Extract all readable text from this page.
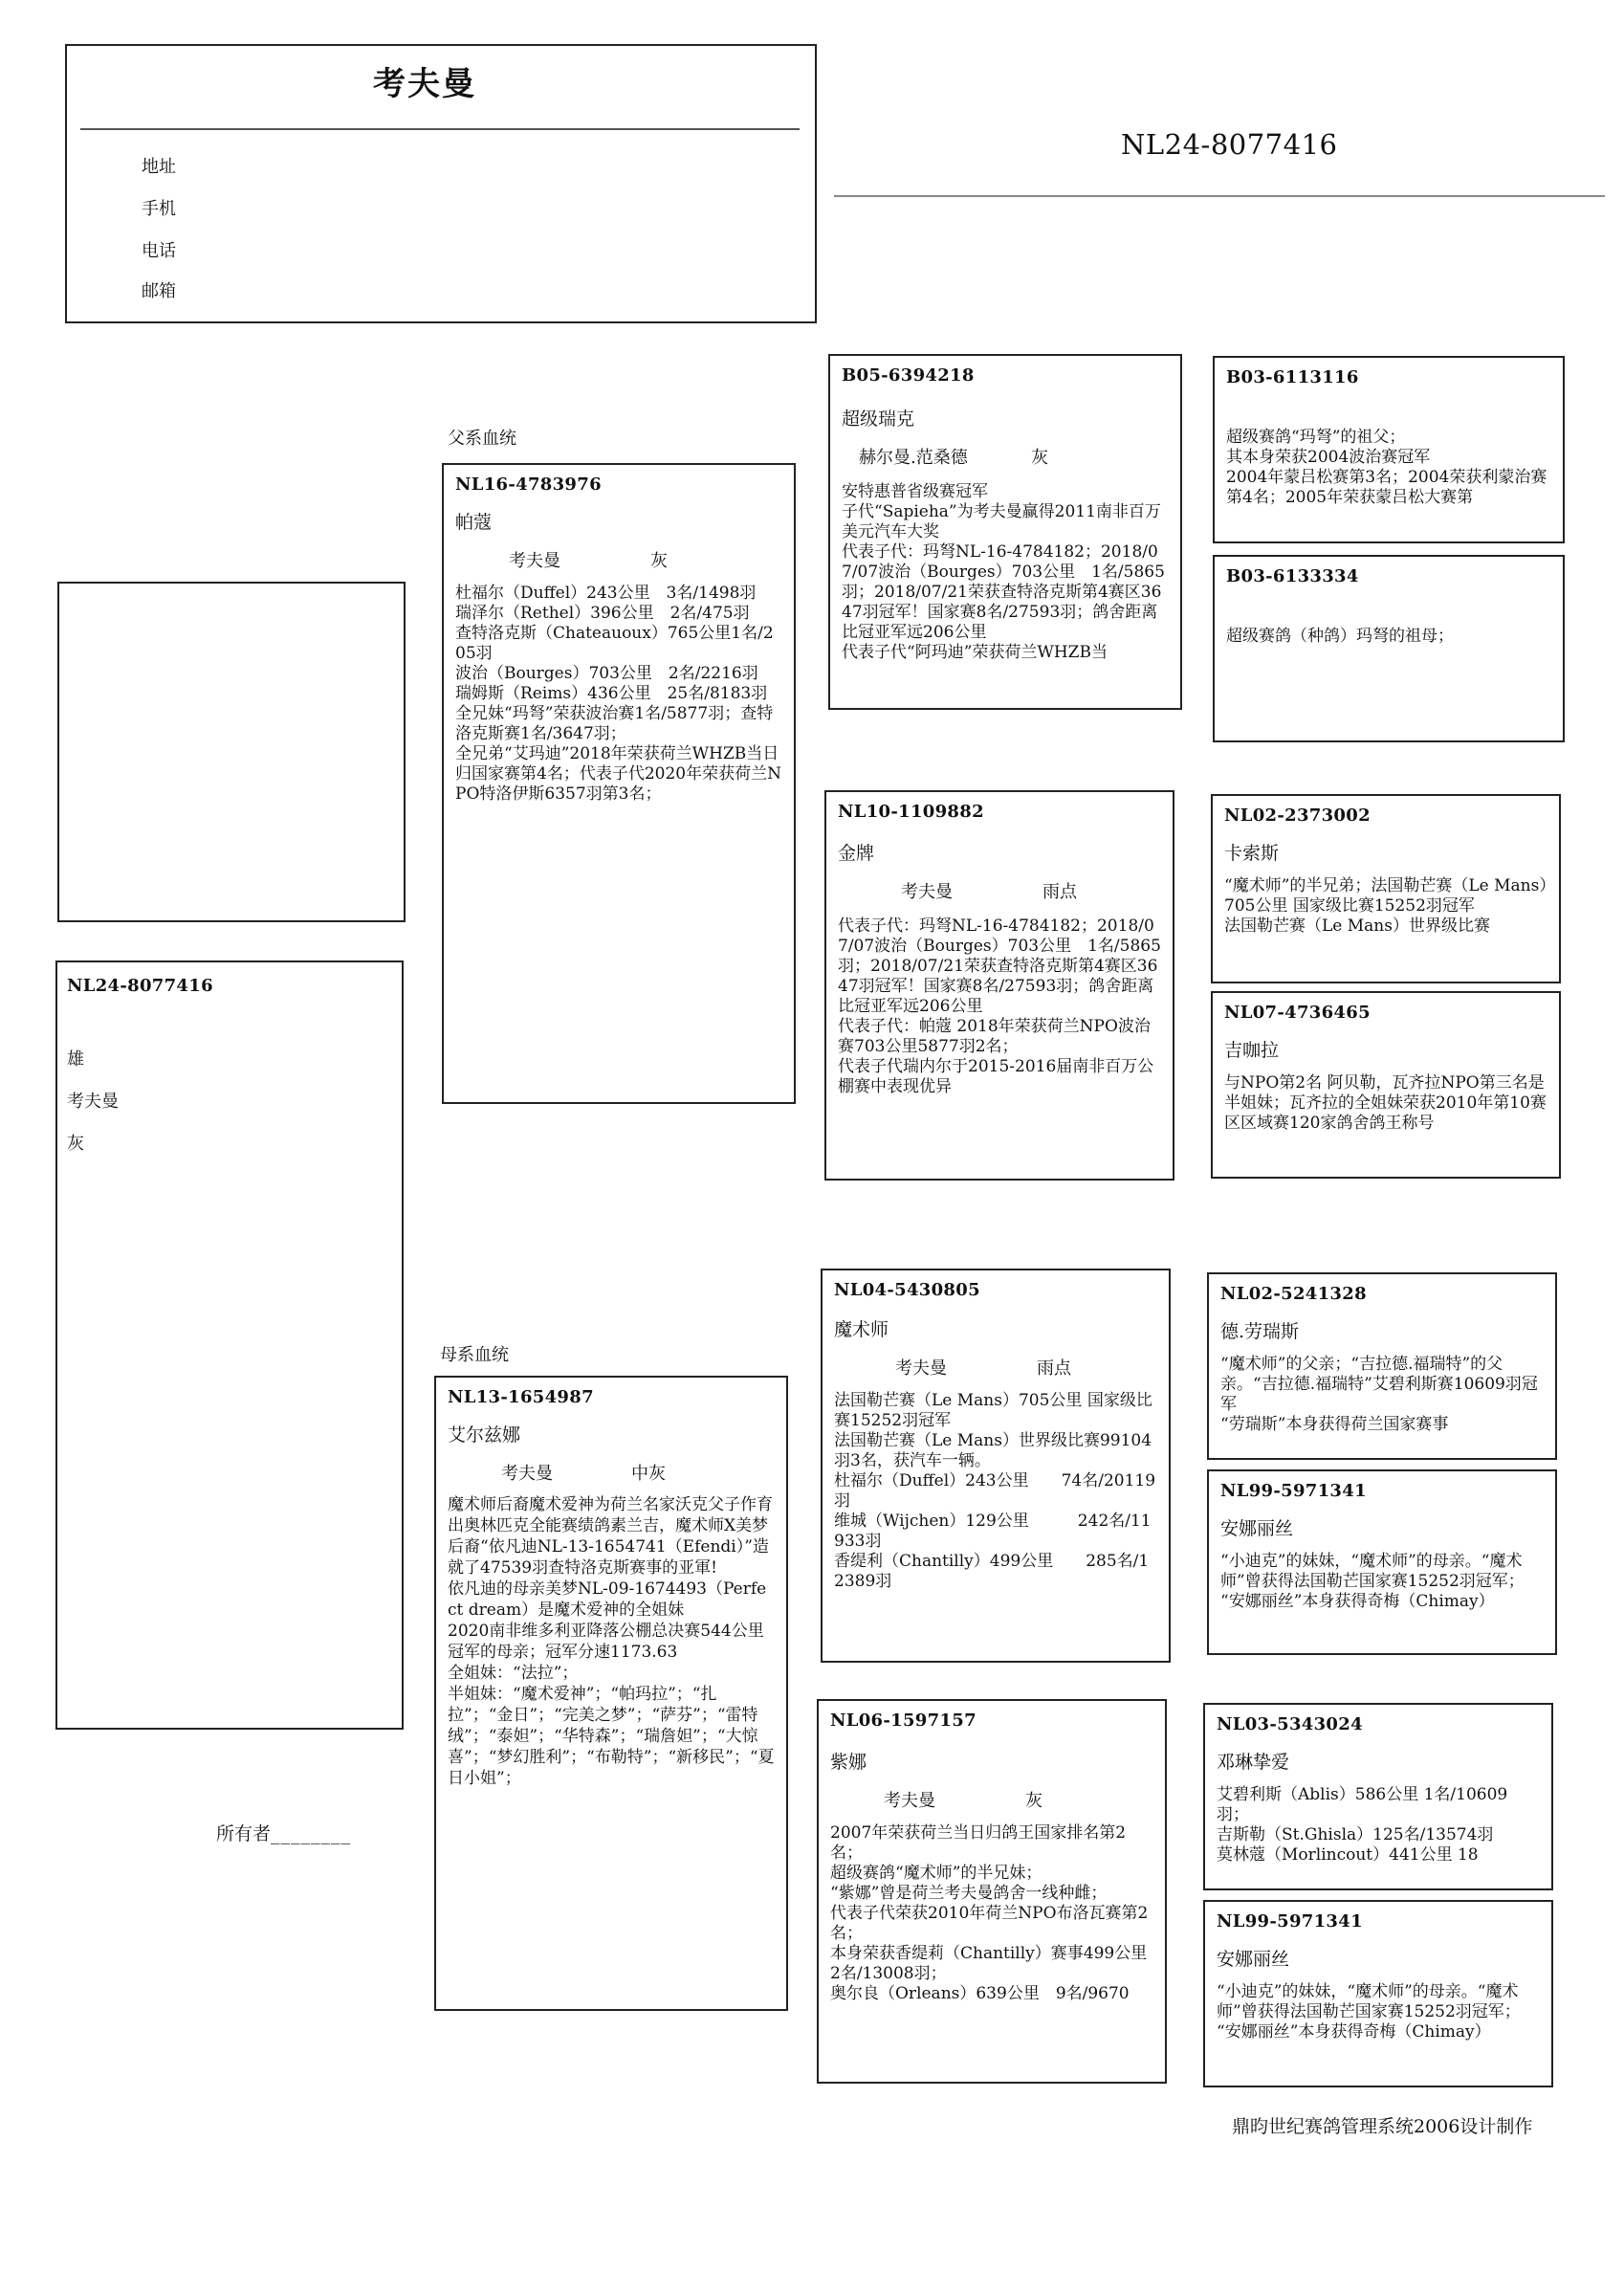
考夫曼
地址
手机
电话
邮箱
NL24-8077416
NL24-8077416
雄
考夫曼
灰
父系血统
母系血统
所有者________
NL16-4783976
帕蔻
考夫曼	灰
杜福尔（Duffel）243公里　3名/1498羽
瑞泽尔（Rethel）396公里　2名/475羽
查特洛克斯（Chateauoux）765公里1名/205羽
波治（Bourges）703公里　2名/2216羽
瑞姆斯（Reims）436公里　25名/8183羽
全兄妹“玛弩”荣获波治赛1名/5877羽；查特洛克斯赛1名/3647羽；
全兄弟“艾玛迪”2018年荣获荷兰WHZB当日归国家赛第4名；代表子代2020年荣获荷兰NPO特洛伊斯6357羽第3名；
NL13-1654987
艾尔兹娜
考夫曼	中灰
魔术师后裔魔术爱神为荷兰名家沃克父子作育出奥林匹克全能赛绩鸽素兰吉，魔术师X美梦后裔“依凡迪NL-13-1654741（Efendi）”造就了47539羽查特洛克斯赛事的亚軍!
依凡迪的母亲美梦NL-09-1674493（Perfect dream）是魔术爱神的全姐妹
2020南非维多利亚降落公棚总决赛544公里冠军的母亲；冠军分速1173.63
全姐妹：“法拉”；
半姐妹：“魔术爱神”；“帕玛拉”；“扎拉”；“金日”；“完美之梦”；“萨芬”；“雷特绒”；“泰妲”；“华特森”；“瑞詹妲”；“大惊喜”；“梦幻胜利”；“布勒特”；“新移民”；“夏日小姐”；
B05-6394218
超级瑞克
赫尔曼.范桑德	灰
安特惠普省级赛冠军
子代“Sapieha”为考夫曼赢得2011南非百万美元汽车大奖
代表子代：玛弩NL-16-4784182；2018/07/07波治（Bourges）703公里　1名/5865羽；2018/07/21荣获查特洛克斯第4赛区3647羽冠军！国家赛8名/27593羽；鸽舍距离比冠亚军远206公里
代表子代“阿玛迪”荣获荷兰WHZB当
NL10-1109882
金牌
考夫曼	雨点
代表子代：玛弩NL-16-4784182；2018/07/07波治（Bourges）703公里　1名/5865羽；2018/07/21荣获查特洛克斯第4赛区3647羽冠军！国家赛8名/27593羽；鸽舍距离比冠亚军远206公里
代表子代：帕蔻 2018年荣获荷兰NPO波治赛703公里5877羽2名；
代表子代瑞内尔于2015-2016届南非百万公棚赛中表现优异
NL04-5430805
魔术师
考夫曼	雨点
法国勒芒赛（Le Mans）705公里 国家级比赛15252羽冠军
法国勒芒赛（Le Mans）世界级比赛99104羽3名，获汽车一辆。
杜福尔（Duffel）243公里　　74名/20119羽
维城（Wijchen）129公里　　　242名/11933羽
香缇利（Chantilly）499公里　　285名/12389羽
NL06-1597157
紫娜
考夫曼	灰
2007年荣获荷兰当日归鸽王国家排名第2名；
超级赛鸽“魔术师”的半兄妹；
“紫娜”曾是荷兰考夫曼鸽舍一线种雌；
代表子代荣获2010年荷兰NPO布洛瓦赛第2名；
本身荣获香缇莉（Chantilly）赛事499公里 2名/13008羽；
奥尔良（Orleans）639公里　9名/9670
B03-6113116
超级赛鸽“玛弩”的祖父；
其本身荣获2004波治赛冠军
2004年蒙吕松赛第3名；2004荣获利蒙治赛第4名；2005年荣获蒙吕松大赛第
B03-6133334
超级赛鸽（种鸽）玛弩的祖母；
NL02-2373002
卡索斯
“魔术师”的半兄弟；法国勒芒赛（Le Mans）705公里 国家级比赛15252羽冠军
法国勒芒赛（Le Mans）世界级比赛
NL07-4736465
吉咖拉
与NPO第2名 阿贝勒，瓦齐拉NPO第三名是半姐妹；瓦齐拉的全姐妹荣获2010年第10赛区区域赛120家鸽舍鸽王称号
NL02-5241328
德.劳瑞斯
“魔术师”的父亲；“吉拉德.福瑞特”的父亲。“吉拉德.福瑞特”艾碧利斯赛10609羽冠军
“劳瑞斯”本身获得荷兰国家赛事
NL99-5971341
安娜丽丝
“小迪克”的妹妹，“魔术师”的母亲。“魔术师”曾获得法国勒芒国家赛15252羽冠军；
“安娜丽丝”本身获得奇梅（Chimay）
NL03-5343024
邓琳挚爱
艾碧利斯（Ablis）586公里 1名/10609羽；
吉斯勒（St.Ghisla）125名/13574羽
莫林蔻（Morlincout）441公里 18
NL99-5971341
安娜丽丝
“小迪克”的妹妹，“魔术师”的母亲。“魔术师”曾获得法国勒芒国家赛15252羽冠军；
“安娜丽丝”本身获得奇梅（Chimay）
鼎昀世纪赛鸽管理系统2006设计制作
